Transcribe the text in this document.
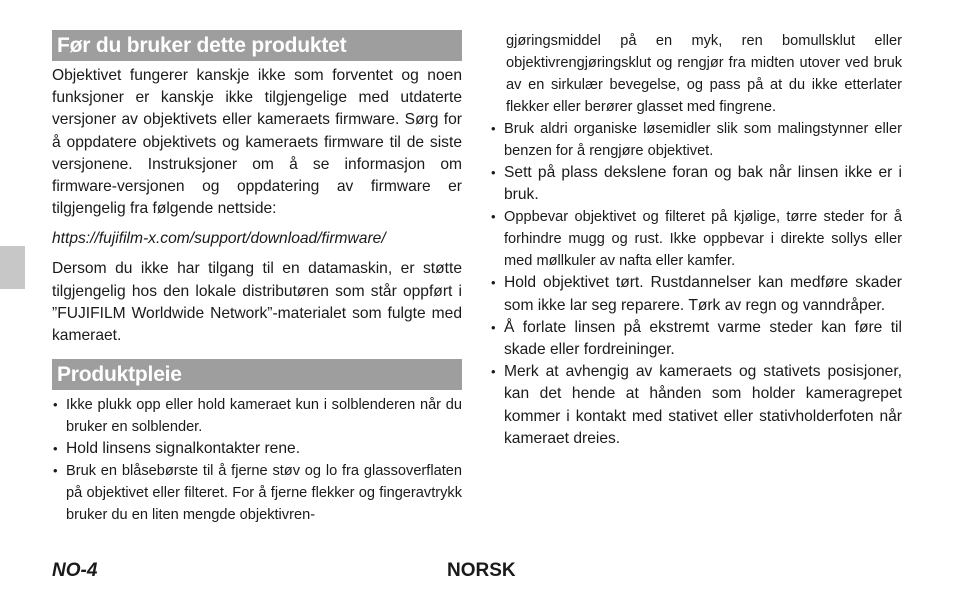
Før du bruker dette produktet

Objektivet fungerer kanskje ikke som forventet og noen funksjoner er kanskje ikke tilgjengelige med utdaterte versjoner av objektivets eller kameraets firmware. Sørg for å oppdatere objektivets og kameraets firmware til de siste versjonene. Instruksjoner om å se informasjon om firmware-versjonen og oppdatering av firmware er tilgjengelig fra følgende nettside:

https://fujifilm-x.com/support/download/firmware/

Dersom du ikke har tilgang til en datamaskin, er støtte tilgjengelig hos den lokale distributøren som står oppført i ”FUJIFILM Worldwide Network”-materialet som fulgte med kameraet.

Produktpleie
• Ikke plukk opp eller hold kameraet kun i solblenderen når du bruker en solblender.
• Hold linsens signalkontakter rene.
• Bruk en blåsebørste til å fjerne støv og lo fra glassoverflaten på objektivet eller filteret. For å fjerne flekker og fingeravtrykk bruker du en liten mengde objektivren-

gjøringsmiddel på en myk, ren bomullsklut eller objektivrengjøringsklut og rengjør fra midten utover ved bruk av en sirkulær bevegelse, og pass på at du ikke etterlater flekker eller berører glasset med fingrene.

• Bruk aldri organiske løsemidler slik som malingstynner eller benzen for å rengjøre objektivet.
• Sett på plass dekslene foran og bak når linsen ikke er i bruk.
• Oppbevar objektivet og filteret på kjølige, tørre steder for å forhindre mugg og rust. Ikke oppbevar i direkte sollys eller med møllkuler av nafta eller kamfer.
• Hold objektivet tørt. Rustdannelser kan medføre skader som ikke lar seg reparere. Tørk av regn og vanndråper.
• Å forlate linsen på ekstremt varme steder kan føre til skade eller fordreininger.
• Merk at avhengig av kameraets og stativets posisjoner, kan det hende at hånden som holder kameragrepet kommer i kontakt med stativet eller stativholderfoten når kameraet dreies.
NO-4	NORSK
